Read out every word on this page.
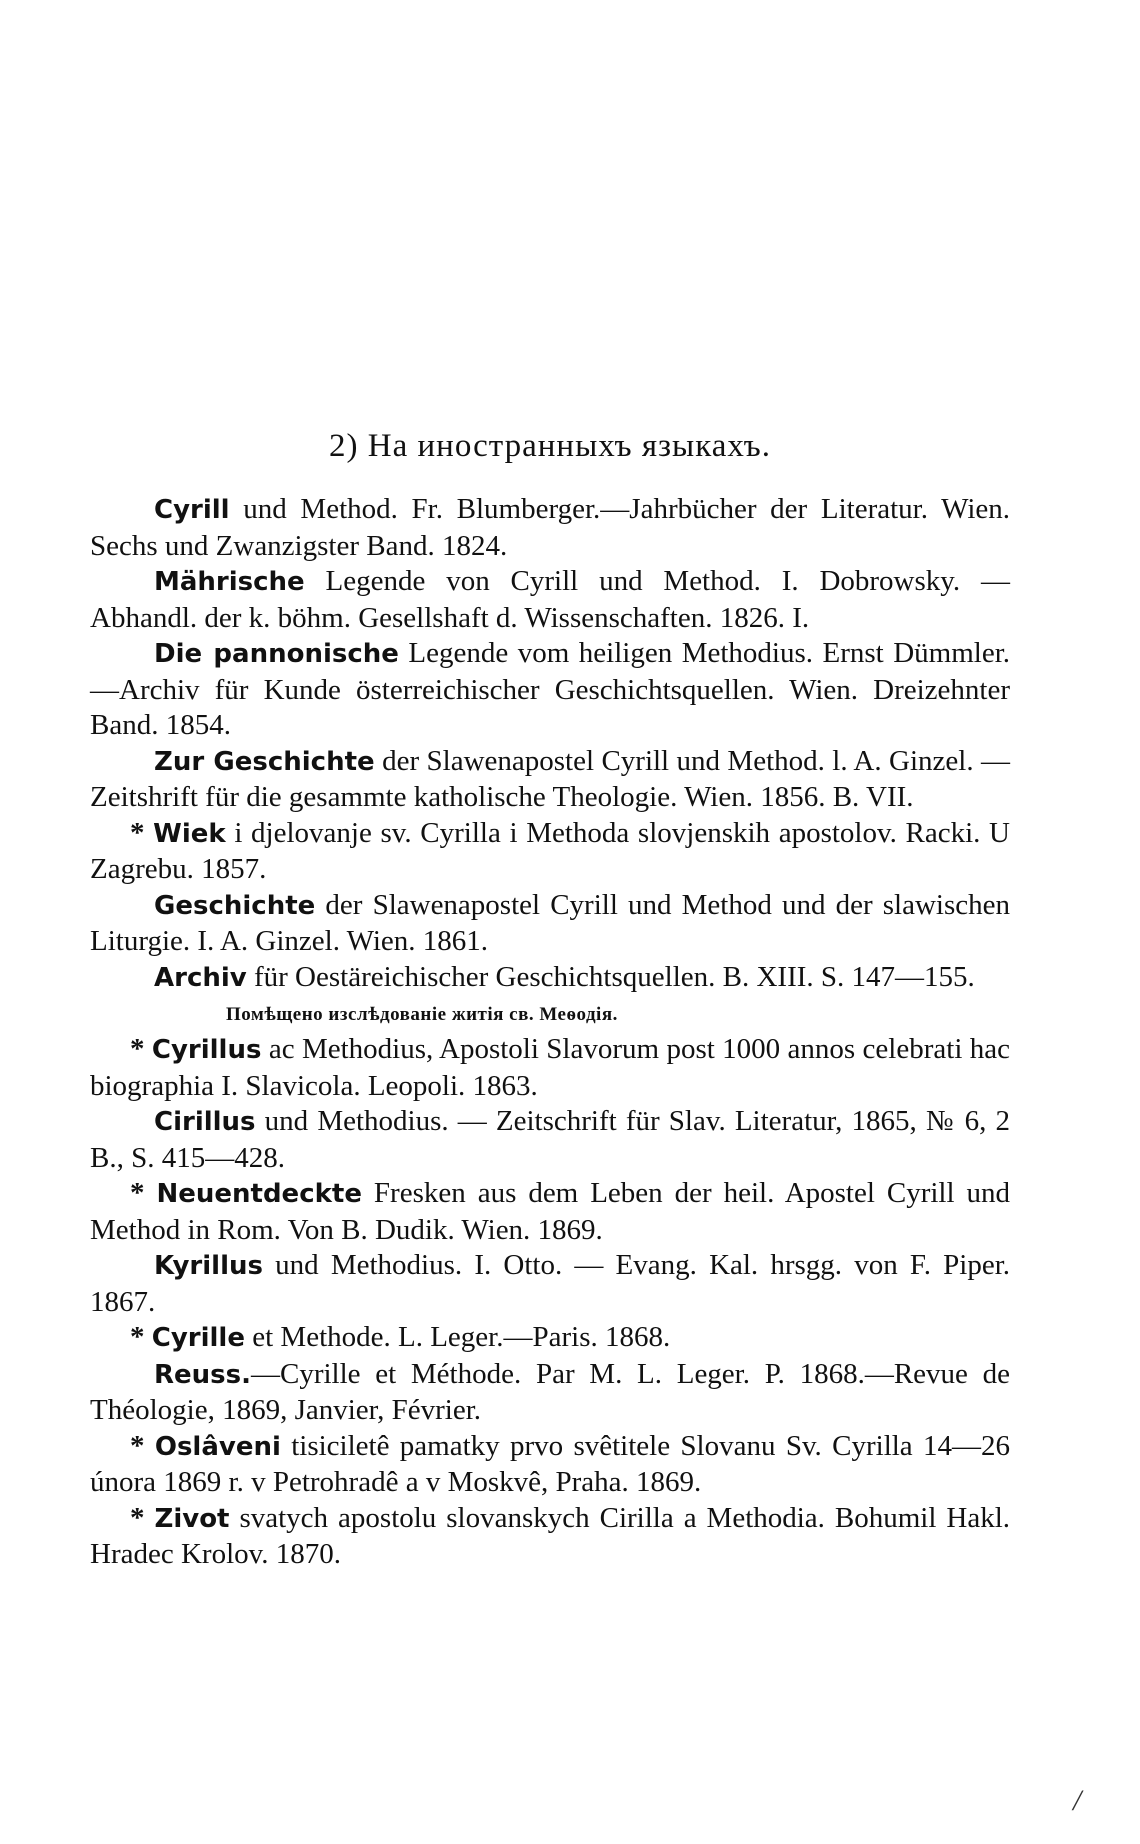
2) На иностранныхъ языкахъ.

Cyrill und Method. Fr. Blumberger.—Jahrbücher der Literatur. Wien. Sechs und Zwanzigster Band. 1824.

Mährische Legende von Cyrill und Method. I. Dobrowsky. — Abhandl. der k. böhm. Gesellshaft d. Wissenschaften. 1826. I.

Die pannonische Legende vom heiligen Methodius. Ernst Dümmler.—Archiv für Kunde österreichischer Geschichtsquellen. Wien. Dreizehnter Band. 1854.

Zur Geschichte der Slawenapostel Cyrill und Method. l. A. Ginzel. — Zeitshrift für die gesammte katholische Theologie. Wien. 1856. B. VII.

* Wiek i djelovanje sv. Cyrilla i Methoda slovjenskih apostolov. Racki. U Zagrebu. 1857.

Geschichte der Slawenapostel Cyrill und Method und der slawischen Liturgie. I. A. Ginzel. Wien. 1861.

Archiv für Oestäreichischer Geschichtsquellen. B. XIII. S. 147—155.

Помѣщено изслѣдованіе житія св. Меѳодія.

* Cyrillus ac Methodius, Apostoli Slavorum post 1000 annos celebrati hac biographia I. Slavicola. Leopoli. 1863.

Cirillus und Methodius. — Zeitschrift für Slav. Literatur, 1865, № 6, 2 B., S. 415—428.

* Neuentdeckte Fresken aus dem Leben der heil. Apostel Cyrill und Method in Rom. Von B. Dudik. Wien. 1869.

Kyrillus und Methodius. I. Otto. — Evang. Kal. hrsgg. von F. Piper. 1867.

* Cyrille et Methode. L. Leger.—Paris. 1868.

Reuss.—Cyrille et Méthode. Par M. L. Leger. P. 1868.—Revue de Théologie, 1869, Janvier, Février.

* Oslâveni tisiciletê pamatky prvo svêtitele Slovanu Sv. Cyrilla 14—26 února 1869 r. v Petrohradê a v Moskvê, Praha. 1869.

* Zivot svatych apostolu slovanskych Cirilla a Methodia. Bohumil Hakl. Hradec Krolov. 1870.

/
